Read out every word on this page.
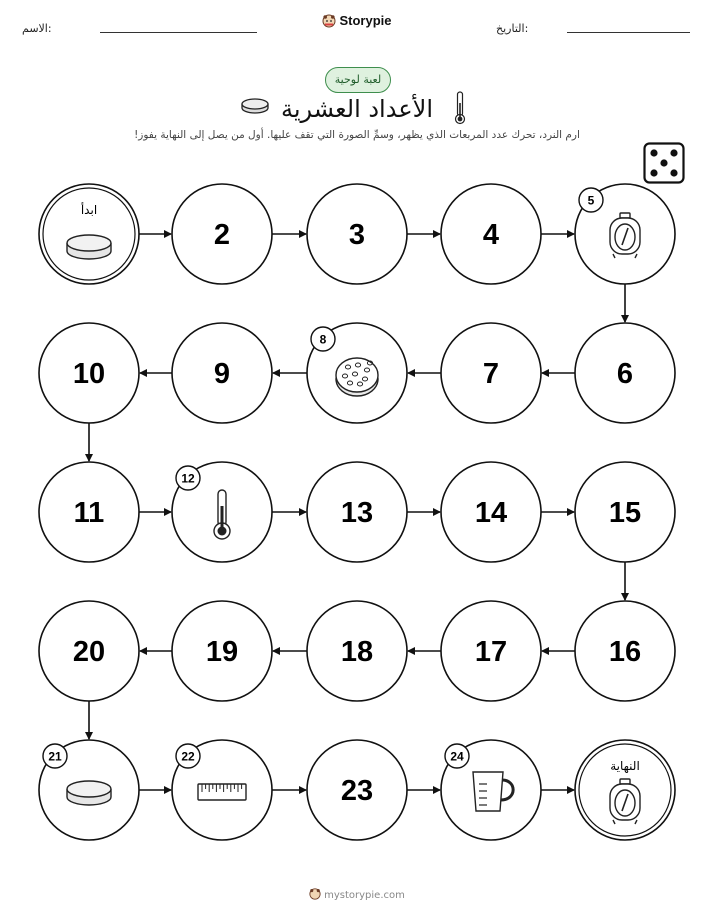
الاسم:
Storypie
التاريخ:
لعبة لوحية
الأعداد العشرية
ارم النرد، تحرك عدد المربعات الذي يظهر، وسمِّ الصورة التي تقف عليها. أول من يصل إلى النهاية يفوز!
ابدأ
2	3	4
5
6
7
8
9
10
11
12
13	14	15
16
17
18
19
20
21	22
23
24
النهاية
mystorypie.com
